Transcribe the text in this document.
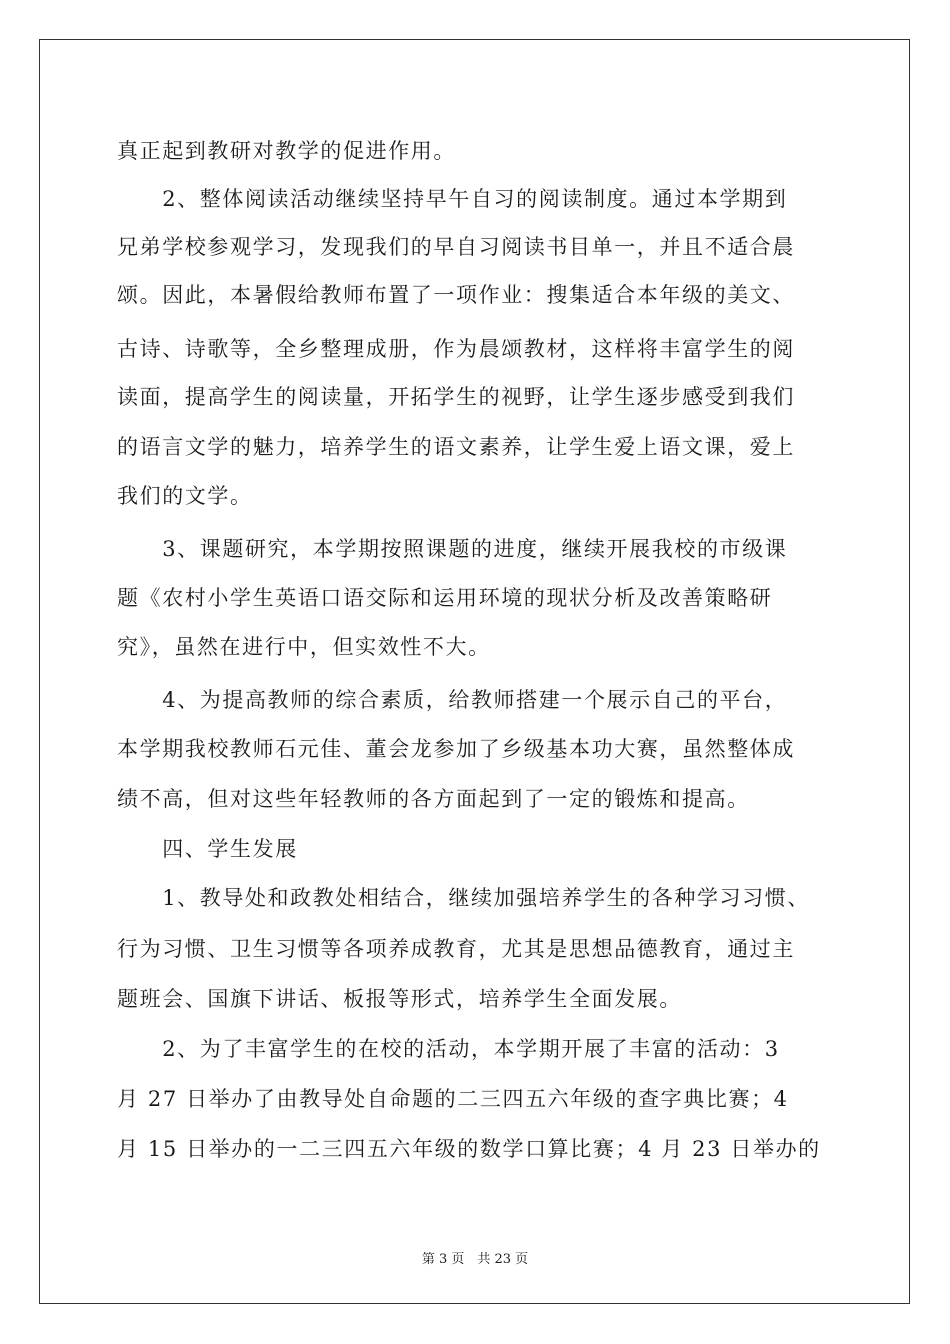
真正起到教研对教学的促进作用。
　　2、整体阅读活动继续坚持早午自习的阅读制度。通过本学期到
兄弟学校参观学习，发现我们的早自习阅读书目单一，并且不适合晨
颂。因此，本暑假给教师布置了一项作业：搜集适合本年级的美文、
古诗、诗歌等，全乡整理成册，作为晨颂教材，这样将丰富学生的阅
读面，提高学生的阅读量，开拓学生的视野，让学生逐步感受到我们
的语言文学的魅力，培养学生的语文素养，让学生爱上语文课，爱上
我们的文学。
　　3、课题研究，本学期按照课题的进度，继续开展我校的市级课
题《农村小学生英语口语交际和运用环境的现状分析及改善策略研
究》，虽然在进行中，但实效性不大。
　　4、为提高教师的综合素质，给教师搭建一个展示自己的平台，
本学期我校教师石元佳、董会龙参加了乡级基本功大赛，虽然整体成
绩不高，但对这些年轻教师的各方面起到了一定的锻炼和提高。
　　四、学生发展
　　1、教导处和政教处相结合，继续加强培养学生的各种学习习惯、
行为习惯、卫生习惯等各项养成教育，尤其是思想品德教育，通过主
题班会、国旗下讲话、板报等形式，培养学生全面发展。
　　2、为了丰富学生的在校的活动，本学期开展了丰富的活动：3
月 27 日举办了由教导处自命题的二三四五六年级的查字典比赛；4
月 15 日举办的一二三四五六年级的数学口算比赛；4 月 23 日举办的
第 3 页　共 23 页
